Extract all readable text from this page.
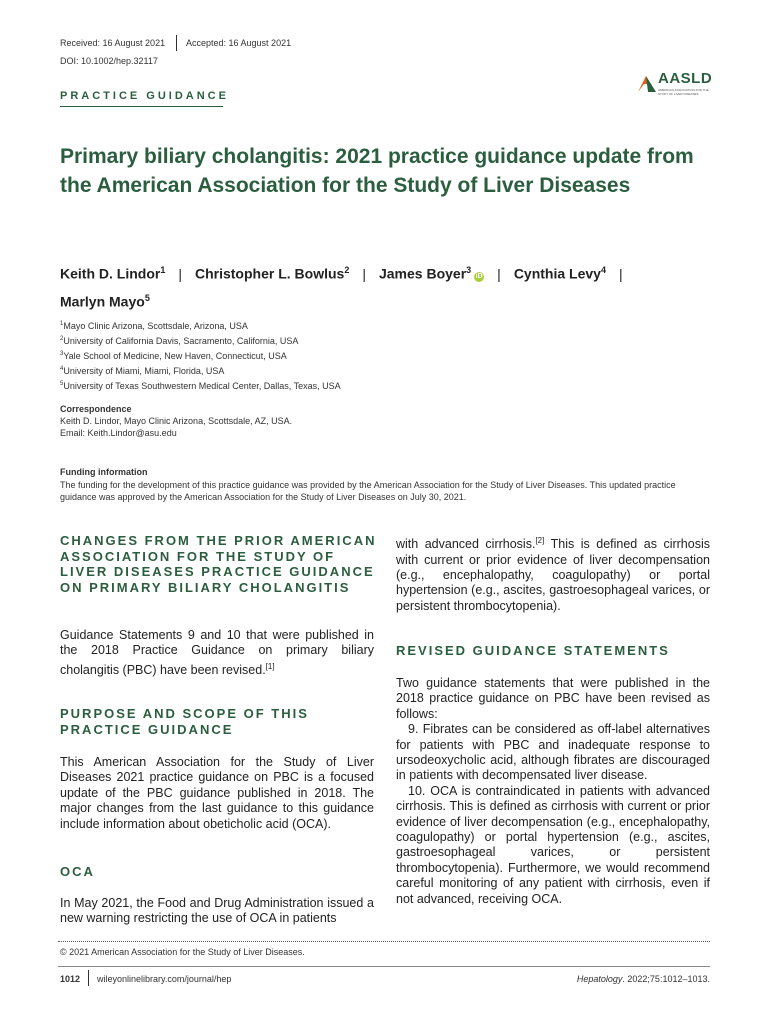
Received: 16 August 2021 Accepted: 16 August 2021
DOI: 10.1002/hep.32117
PRACTICE GUIDANCE
AASLD
AMERICAN ASSOCIATION FOR THE STUDY OF LIVER DISEASES
Primary biliary cholangitis: 2021 practice guidance update from the American Association for the Study of Liver Diseases
Keith D. Lindor$^1$ | Christopher L. Bowlus$^2$ | James Boyer$^3$iD | Cynthia Levy$^4$ |
Marlyn Mayo$^5$
$^1$Mayo Clinic Arizona, Scottsdale, Arizona, USA
$^2$University of California Davis, Sacramento, California, USA
$^3$Yale School of Medicine, New Haven, Connecticut, USA
$^4$University of Miami, Miami, Florida, USA
$^5$University of Texas Southwestern Medical Center, Dallas, Texas, USA
Correspondence
Keith D. Lindor, Mayo Clinic Arizona, Scottsdale, AZ, USA.
Email: Keith.Lindor@asu.edu
Funding information
The funding for the development of this practice guidance was provided by the American Association for the Study of Liver Diseases. This updated practice guidance was approved by the American Association for the Study of Liver Diseases on July 30, 2021.
CHANGES FROM THE PRIOR AMERICAN ASSOCIATION FOR THE STUDY OF LIVER DISEASES PRACTICE GUIDANCE ON PRIMARY BILIARY CHOLANGITIS

Guidance Statements 9 and 10 that were published in the 2018 Practice Guidance on primary biliary cholangitis (PBC) have been revised.[1]

PURPOSE AND SCOPE OF THIS PRACTICE GUIDANCE

This American Association for the Study of Liver Diseases 2021 practice guidance on PBC is a focused update of the PBC guidance published in 2018. The major changes from the last guidance to this guidance include information about obeticholic acid (OCA).

OCA

In May 2021, the Food and Drug Administration issued a new warning restricting the use of OCA in patients

with advanced cirrhosis.[2] This is defined as cirrhosis with current or prior evidence of liver decompensation (e.g., encephalopathy, coagulopathy) or portal hypertension (e.g., ascites, gastroesophageal varices, or persistent thrombocytopenia).

REVISED GUIDANCE STATEMENTS

Two guidance statements that were published in the 2018 practice guidance on PBC have been revised as follows:

9. Fibrates can be considered as off-label alternatives for patients with PBC and inadequate response to ursodeoxycholic acid, although fibrates are discouraged in patients with decompensated liver disease.

10. OCA is contraindicated in patients with advanced cirrhosis. This is defined as cirrhosis with current or prior evidence of liver decompensation (e.g., encephalopathy, coagulopathy) or portal hypertension (e.g., ascites, gastroesophageal varices, or persistent thrombocytopenia). Furthermore, we would recommend careful monitoring of any patient with cirrhosis, even if not advanced, receiving OCA.

© 2021 American Association for the Study of Liver Diseases.
1012 wileyonlinelibrary.com/journal/hep	Hepatology. 2022;75:1012–1013.
